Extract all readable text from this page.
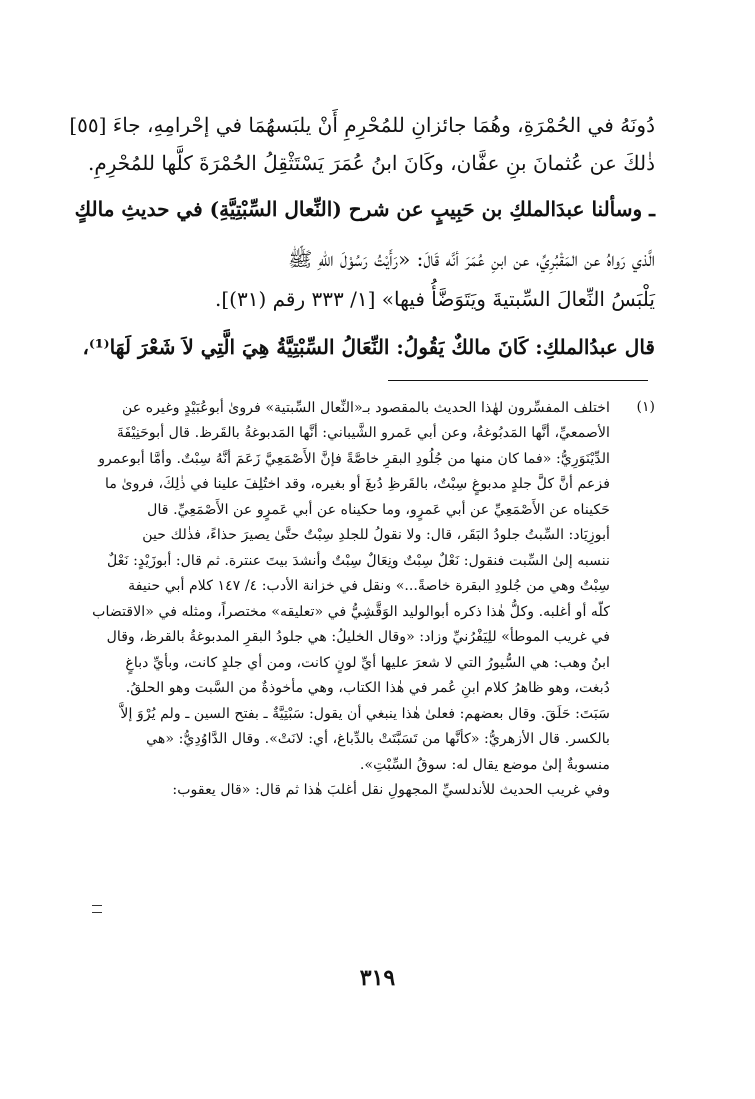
دُونَهُ في الحُمْرَةِ، وهُمَا جائزانِ للمُحْرِمِ أَنْ يلبَسهُمَا في إحْرامِهِ، جاءَ [٥٥]
ذٰلكَ عن عُثمانَ بنِ عفَّان، وكَانَ ابنُ عُمَرَ يَسْتَثْقِلُ الحُمْرَةَ كلَّها للمُحْرِمِ.
ـ وسألنا عبدَالملكِ بن حَبِيبٍ عن شرح (النِّعال السِّبْتِيَّةِ) في حديثِ مالكٍ
الَّذي رَواهُ عن المَقْبُرِيِّ، عن ابنِ عُمَرَ أنَّه قَالَ: «رَأَيْتُ رَسُوْلَ اللهِ ﷺ
يَلْبَسُ النِّعالَ السِّبتيةَ ويَتَوَضَّأُ فيها» [١/ ٣٣٣ رقم (٣١)].
قال عبدُالملكِ: كَانَ مالكٌ يَقُولُ: النِّعَالُ السِّبْتِيَّةُ هِيَ الَّتِي لاَ شَعْرَ لَهَا⁽¹⁾،
(١)
اختلف المفسِّرون لهٰذا الحديث بالمقصود بـ«النِّعال السِّبتية» فروىٰ أبوعُبَيْدٍ وغيره عن
الأصمعيِّ، أنَّها المَدبُوغةُ، وعن أبي عَمرو الشَّيباني: أنَّها المَدبوغةُ بالقَرظ. قال أبوحَنِيْفَةَ
الدِّيْنَوَرِيُّ: «فما كان منها من جُلُودِ البقرِ خاصَّةً فإنَّ الأَصْمَعِيَّ زَعَمَ أنَّهُ سِبْتٌ. وأمَّا أبوعمرو
فزعم أنَّ كلَّ جلدٍ مدبوغٍ سِبْتٌ، بالقَرظِ دُبغَ أو بغيره، وقد اختُلِفَ علينا في ذٰلِكَ، فروىٰ ما
حَكيناه عن الأَصْمَعِيِّ عن أبي عَمرٍو، وما حكيناه عن أبي عَمرٍو عن الأَصْمَعِيِّ. قال
أبوزِيَاد: السِّبتُ جلودُ البَقَر، قال: ولا نقولُ للجلدِ سِبْتٌ حتَّىٰ يصيرَ حذاءً، فذٰلك حين
ننسبه إلىٰ السِّبت فنقول: نَعْلٌ سِبْتٌ ونِعَالٌ سِبْتٌ وأنشدَ بيتَ عنترة. ثم قال: أبوزَيْدٍ: نَعْلٌ
سِبْتٌ وهي من جُلودِ البقرة خاصةً...» ونقل في خزانة الأدب: ٤/ ١٤٧ كلام أبي حنيفة
كلّه أو أغلبه. وكلُّ هٰذا ذكره أبوالوليد الوَقَّشِيُّ في «تعليقه» مختصراً، ومثله في «الاقتضاب
في غريب الموطأ» للِيَفْرُنيِّ وزاد: «وقال الخليلُ: هي جلودُ البقرِ المدبوغةُ بالقرظ، وقال
ابنُ وهب: هي السُّيورُ التي لا شعرَ عليها أيِّ لونٍ كانت، ومن أي جلدٍ كانت، وبأيِّ دباغٍ
دُبغت، وهو ظاهرُ كلام ابنِ عُمر في هٰذا الكتاب، وهي مأخوذةٌ من السَّبت وهو الحلقُ.
سَبَتَ: حَلَقَ. وقال بعضهم: فعلىٰ هٰذا ينبغي أن يقول: سَبْتِيَّةٌ ـ بفتح السين ـ ولم يُرْوَ إلاَّ
بالكسر. قال الأزهريُّ: «كأنَّها من تَسَبَّتَتْ بالدِّباغ، أي: لانَتْ». وقال الدَّاوُدِيُّ: «هي
منسوبةٌ إلىٰ موضع يقال له: سوقُ السِّبْتِ».
وفي غريب الحديث للأندلسيِّ المجهولِ نقل أغلبَ هٰذا ثم قال: «قال يعقوب:
٣١٩
